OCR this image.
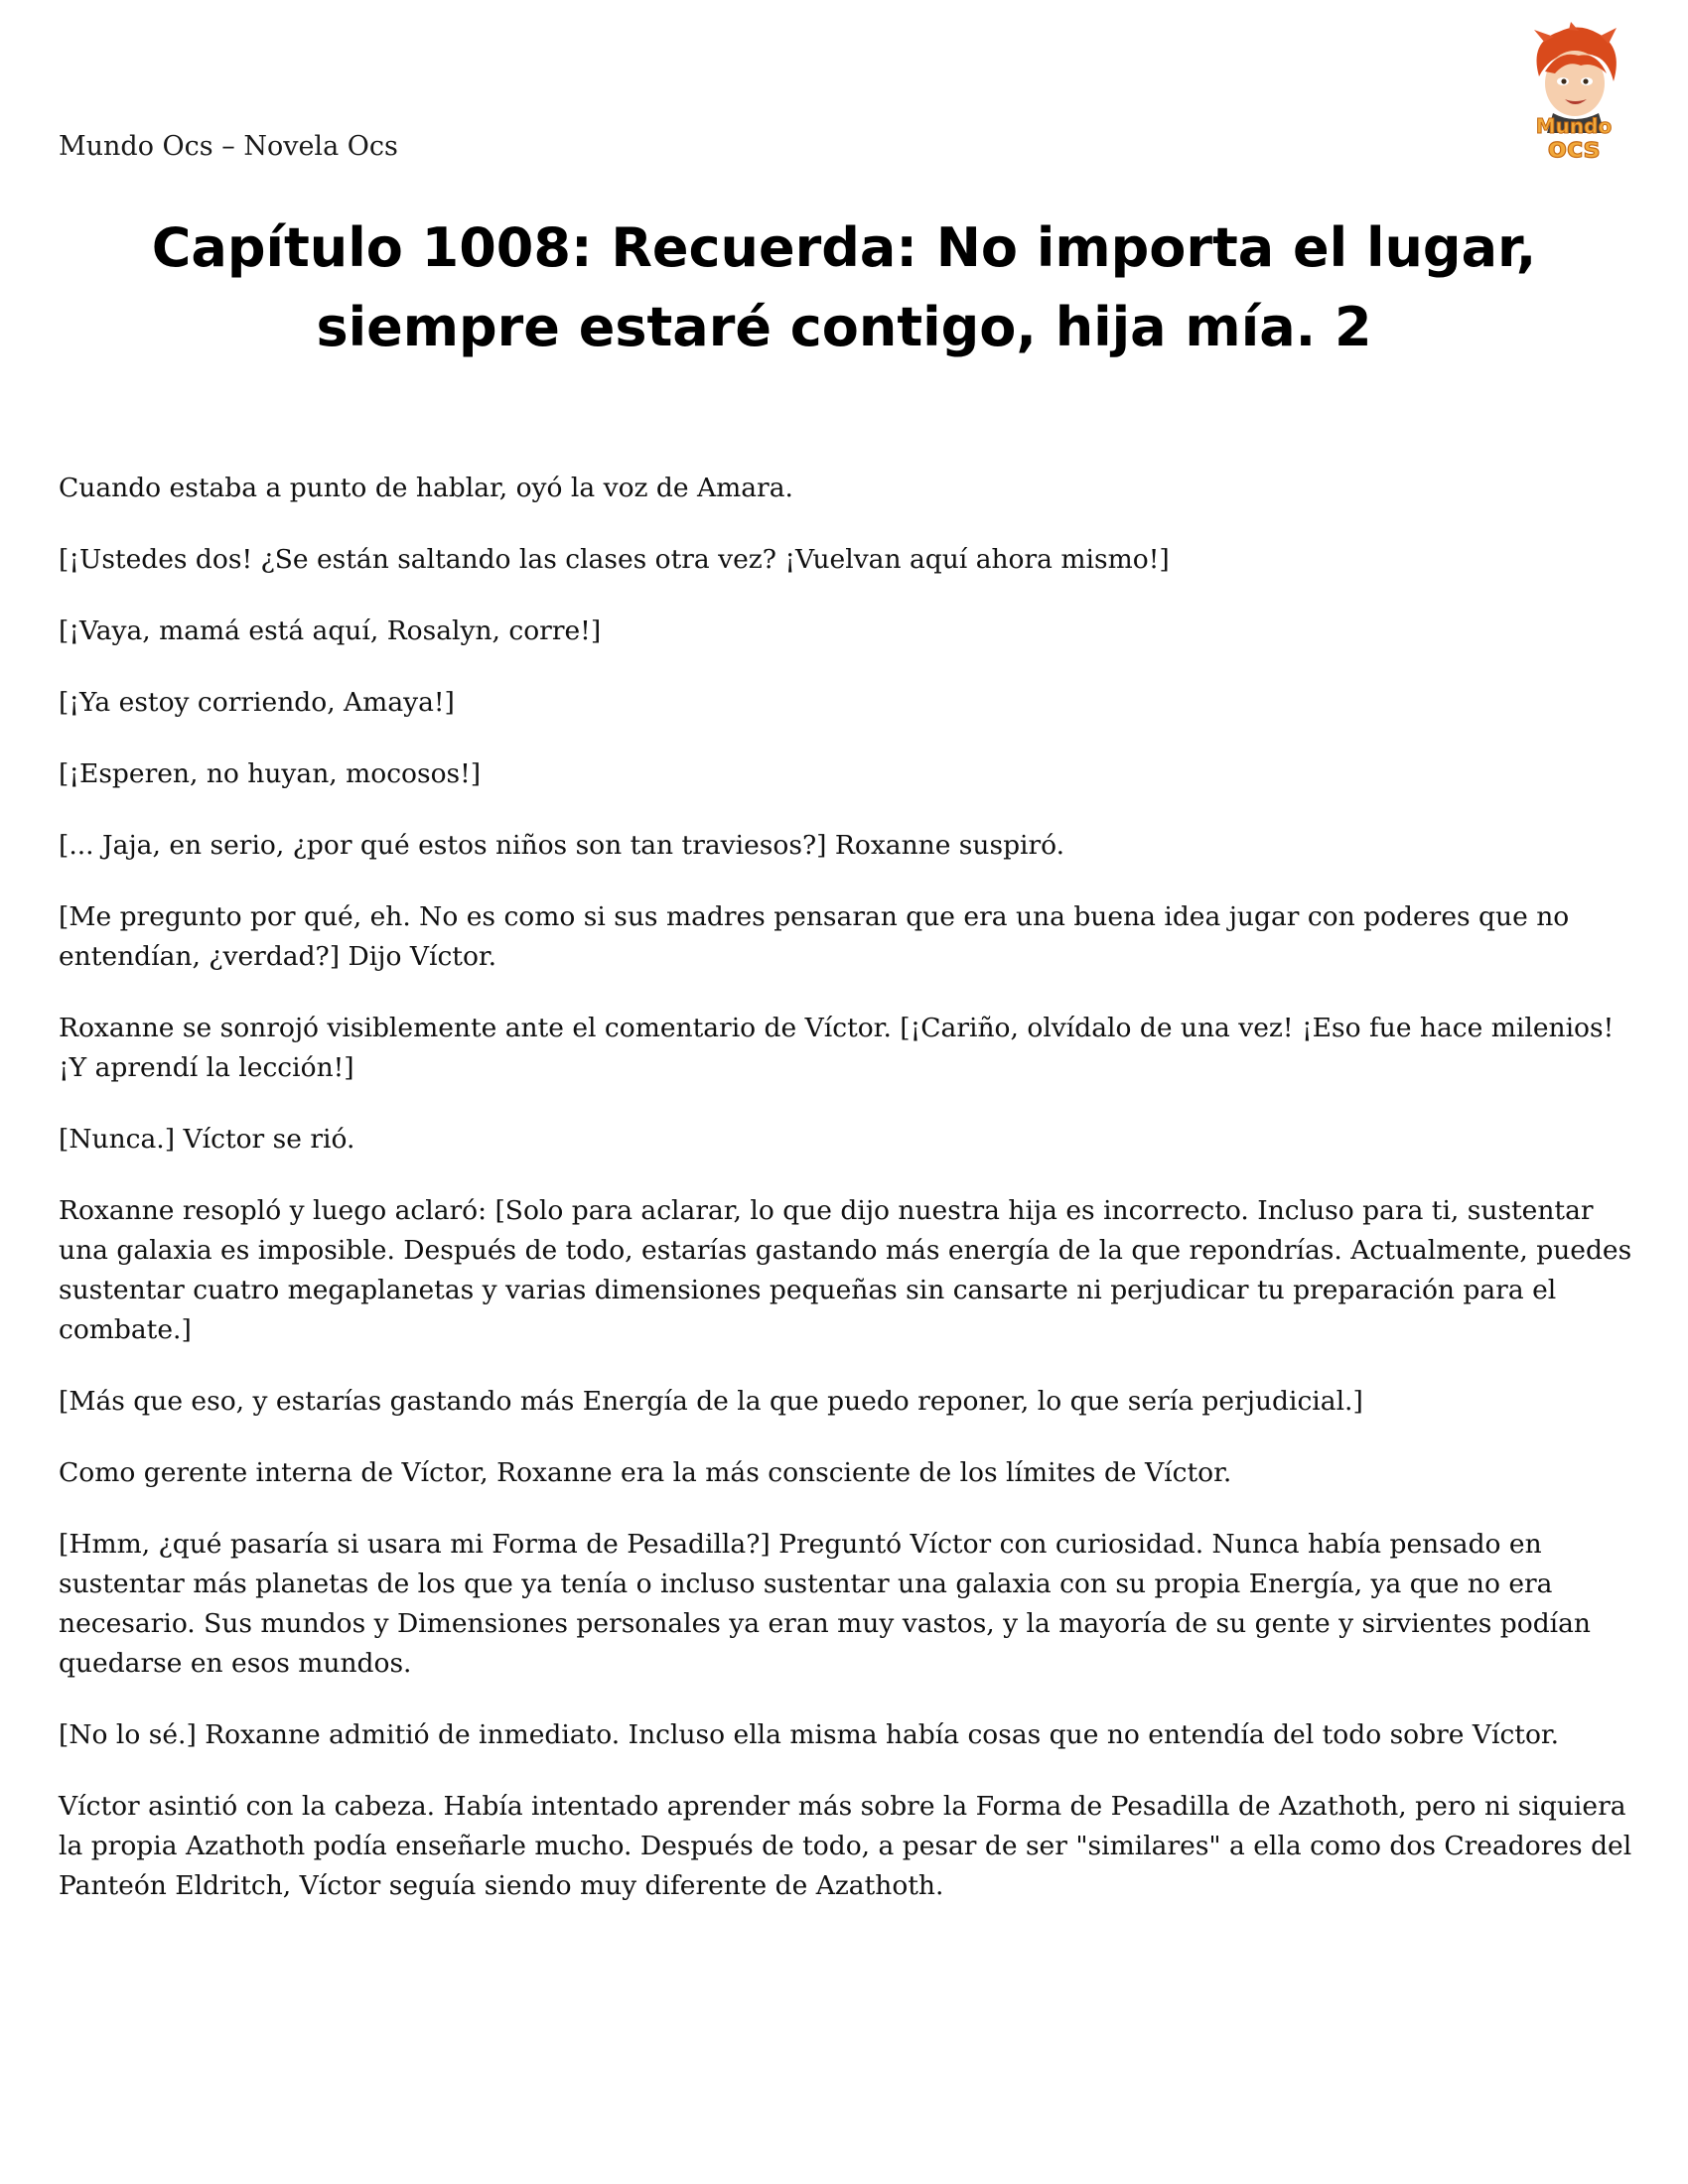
Mundo Ocs – Novela Ocs
Mundo
ocs
Capítulo 1008: Recuerda: No importa el lugar,
siempre estaré contigo, hija mía. 2

Cuando estaba a punto de hablar, oyó la voz de Amara.

[¡Ustedes dos! ¿Se están saltando las clases otra vez? ¡Vuelvan aquí ahora mismo!]

[¡Vaya, mamá está aquí, Rosalyn, corre!]

[¡Ya estoy corriendo, Amaya!]

[¡Esperen, no huyan, mocosos!]

[... Jaja, en serio, ¿por qué estos niños son tan traviesos?] Roxanne suspiró.

[Me pregunto por qué, eh. No es como si sus madres pensaran que era una buena idea jugar con poderes que no entendían, ¿verdad?] Dijo Víctor.

Roxanne se sonrojó visiblemente ante el comentario de Víctor. [¡Cariño, olvídalo de una vez! ¡Eso fue hace milenios! ¡Y aprendí la lección!]

[Nunca.] Víctor se rió.

Roxanne resopló y luego aclaró: [Solo para aclarar, lo que dijo nuestra hija es incorrecto. Incluso para ti, sustentar una galaxia es imposible. Después de todo, estarías gastando más energía de la que repondrías. Actualmente, puedes sustentar cuatro megaplanetas y varias dimensiones pequeñas sin cansarte ni perjudicar tu preparación para el combate.]

[Más que eso, y estarías gastando más Energía de la que puedo reponer, lo que sería perjudicial.]

Como gerente interna de Víctor, Roxanne era la más consciente de los límites de Víctor.

[Hmm, ¿qué pasaría si usara mi Forma de Pesadilla?] Preguntó Víctor con curiosidad. Nunca había pensado en sustentar más planetas de los que ya tenía o incluso sustentar una galaxia con su propia Energía, ya que no era necesario. Sus mundos y Dimensiones personales ya eran muy vastos, y la mayoría de su gente y sirvientes podían quedarse en esos mundos.

[No lo sé.] Roxanne admitió de inmediato. Incluso ella misma había cosas que no entendía del todo sobre Víctor.

Víctor asintió con la cabeza. Había intentado aprender más sobre la Forma de Pesadilla de Azathoth, pero ni siquiera la propia Azathoth podía enseñarle mucho. Después de todo, a pesar de ser "similares" a ella como dos Creadores del Panteón Eldritch, Víctor seguía siendo muy diferente de Azathoth.
